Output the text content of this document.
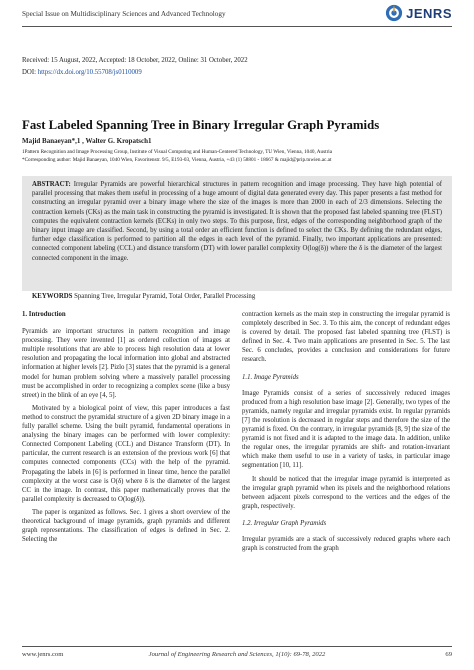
Special Issue on Multidisciplinary Sciences and Advanced Technology	JENRS
Received: 15 August, 2022, Accepted: 18 October, 2022, Online: 31 October, 2022
DOI: https://dx.doi.org/10.55708/js0110009
Fast Labeled Spanning Tree in Binary Irregular Graph Pyramids
Majid Banaeyan*,1 , Walter G. Kropatsch1
1Pattern Recognition and Image Processing Group, Institute of Visual Computing and Human-Centered Technology, TU Wien, Vienna, 1040, Austria
*Corresponding author: Majid Banaeyan, 1040 Wien, Favoritenstr. 9/5, E193-03, Vienna, Austria, +43 (1) 58801 - 18667 & majid@prip.tuwien.ac.at
ABSTRACT: Irregular Pyramids are powerful hierarchical structures in pattern recognition and image processing. They have high potential of parallel processing that makes them useful in processing of a huge amount of digital data generated every day. This paper presents a fast method for constructing an irregular pyramid over a binary image where the size of the images is more than 2000 in each of 2/3 dimensions. Selecting the contraction kernels (CKs) as the main task in constructing the pyramid is investigated. It is shown that the proposed fast labeled spanning tree (FLST) computes the equivalent contraction kernels (ECKs) in only two steps. To this purpose, first, edges of the corresponding neighborhood graph of the binary input image are classified. Second, by using a total order an efficient function is defined to select the CKs. By defining the redundant edges, further edge classification is performed to partition all the edges in each level of the pyramid. Finally, two important applications are presented: connected component labeling (CCL) and distance transform (DT) with lower parallel complexity O(log(δ)) where the δ is the diameter of the largest connected component in the image.
KEYWORDS Spanning Tree, Irregular Pyramid, Total Order, Parallel Processing

1. Introduction

Pyramids are important structures in pattern recognition and image processing. They were invented [1] as ordered collection of images at multiple resolutions that are able to process high resolution data at lower resolution and propagating the local information into global and abstracted information at higher levels [2]. Pizlo [3] states that the pyramid is a general model for human problem solving where a massively parallel processing must be accomplished in order to recognizing a complex scene (like a busy street) in the blink of an eye [4, 5].

Motivated by a biological point of view, this paper introduces a fast method to construct the pyramidal structure of a given 2D binary image in a fully parallel scheme. Using the built pyramid, fundamental operations in analysing the binary images can be performed with lower complexity: Connected Component Labeling (CCL) and Distance Transform (DT). In particular, the current research is an extension of the previous work [6] that computes connected components (CCs) with the help of the pyramid. Propagating the labels in [6] is performed in linear time, hence the parallel complexity at the worst case is O(δ) where δ is the diameter of the largest CC in the image. In contrast, this paper mathematically proves that the parallel complexity is decreased to O(log(δ)).

The paper is organized as follows. Sec. 1 gives a short overview of the theoretical background of image pyramids, graph pyramids and different graph representations. The classification of edges is defined in Sec. 2. Selecting the

contraction kernels as the main step in constructing the irregular pyramid is completely described in Sec. 3. To this aim, the concept of redundant edges is covered by detail. The proposed fast labeled spanning tree (FLST) is defined in Sec. 4. Two main applications are presented in Sec. 5. The last Sec. 6 concludes, provides a conclusion and considerations for future research.

1.1. Image Pyramids

Image Pyramids consist of a series of successively reduced images produced from a high resolution base image [2]. Generally, two types of the pyramids, namely regular and irregular pyramids exist. In regular pyramids [7] the resolution is decreased in regular steps and therefore the size of the pyramid is fixed. On the contrary, in irregular pyramids [8, 9] the size of the pyramid is not fixed and it is adapted to the image data. In addition, unlike the regular ones, the irregular pyramids are shift- and rotation-invariant which make them useful to use in a variety of tasks, in particular image segmentation [10, 11].

It should be noticed that the irregular image pyramid is interpreted as the irregular graph pyramid when its pixels and the neighborhood relations between adjacent pixels correspond to the vertices and the edges of the graph, respectively.

1.2. Irregular Graph Pyramids

Irregular pyramids are a stack of successively reduced graphs where each graph is constructed from the graph

www.jenrs.com	Journal of Engineering Research and Sciences, 1(10): 69-78, 2022	69
